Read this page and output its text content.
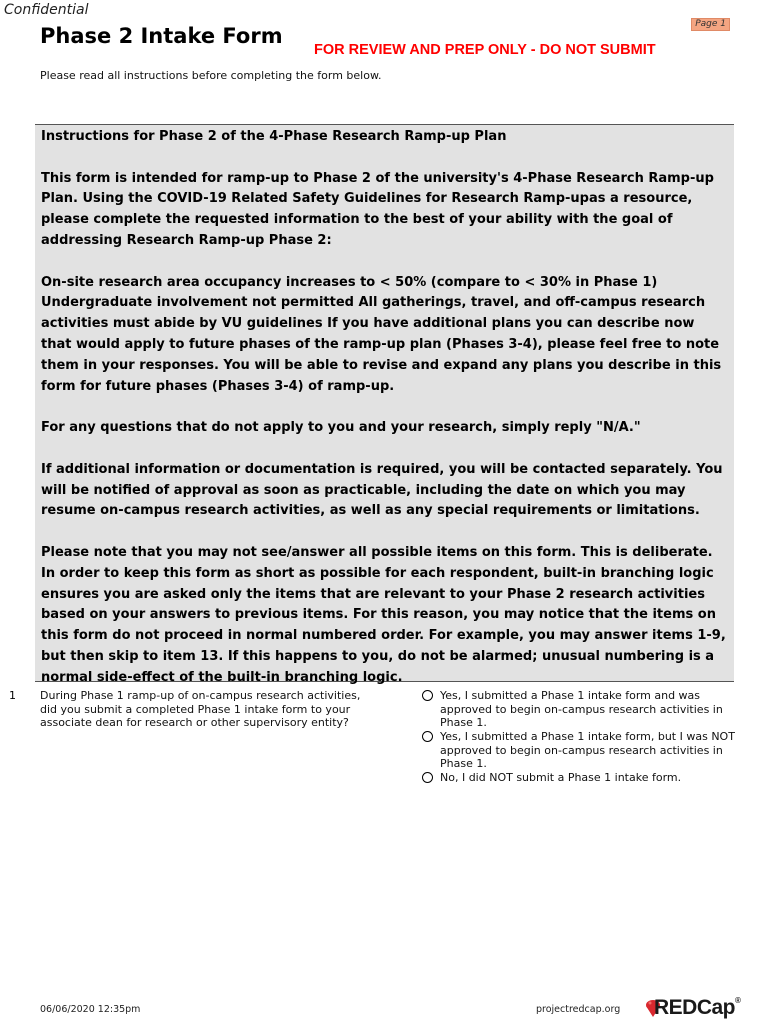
Confidential
Page 1
Phase 2 Intake Form
FOR REVIEW AND PREP ONLY - DO NOT SUBMIT
Please read all instructions before completing the form below.

Instructions for Phase 2 of the 4-Phase Research Ramp-up Plan

This form is intended for ramp-up to Phase 2 of the university's 4-Phase Research Ramp-up Plan. Using the COVID-19 Related Safety Guidelines for Research Ramp-upas a resource, please complete the requested information to the best of your ability with the goal of addressing Research Ramp-up Phase 2:

On-site research area occupancy increases to < 50% (compare to < 30% in Phase 1) Undergraduate involvement not permitted All gatherings, travel, and off-campus research activities must abide by VU guidelines If you have additional plans you can describe now that would apply to future phases of the ramp-up plan (Phases 3-4), please feel free to note them in your responses. You will be able to revise and expand any plans you describe in this form for future phases (Phases 3-4) of ramp-up.

For any questions that do not apply to you and your research, simply reply "N/A."

If additional information or documentation is required, you will be contacted separately. You will be notified of approval as soon as practicable, including the date on which you may resume on-campus research activities, as well as any special requirements or limitations.

Please note that you may not see/answer all possible items on this form. This is deliberate. In order to keep this form as short as possible for each respondent, built-in branching logic ensures you are asked only the items that are relevant to your Phase 2 research activities based on your answers to previous items. For this reason, you may notice that the items on this form do not proceed in normal numbered order. For example, you may answer items 1-9, but then skip to item 13. If this happens to you, do not be alarmed; unusual numbering is a normal side-effect of the built-in branching logic.

1 During Phase 1 ramp-up of on-campus research activities, did you submit a completed Phase 1 intake form to your associate dean for research or other supervisory entity?
Yes, I submitted a Phase 1 intake form and was approved to begin on-campus research activities in Phase 1.
Yes, I submitted a Phase 1 intake form, but I was NOT approved to begin on-campus research activities in Phase 1.
No, I did NOT submit a Phase 1 intake form.
06/06/2020 12:35pm	projectredcap.org REDCap®
